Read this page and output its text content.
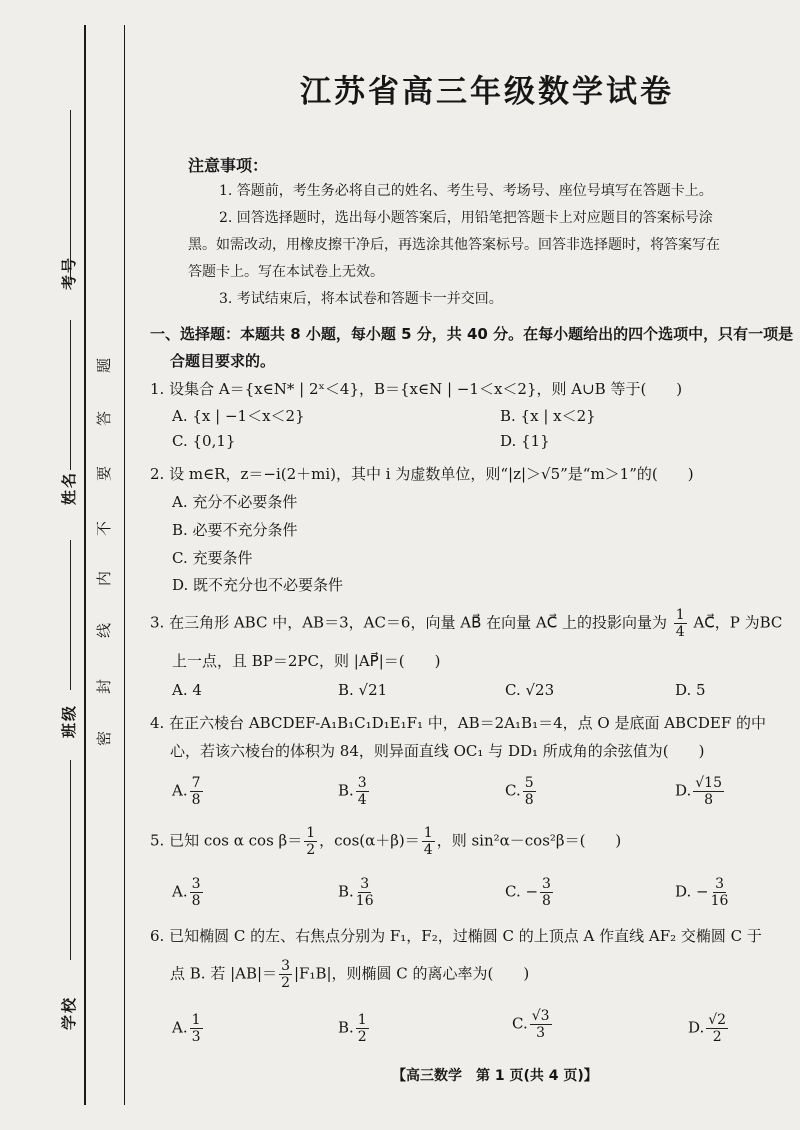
考号
姓名
班级
学校
题
答
要
不
内
线
封
密
江苏省高三年级数学试卷
注意事项：
1. 答题前，考生务必将自己的姓名、考生号、考场号、座位号填写在答题卡上。
2. 回答选择题时，选出每小题答案后，用铅笔把答题卡上对应题目的答案标号涂
黑。如需改动，用橡皮擦干净后，再选涂其他答案标号。回答非选择题时，将答案写在
答题卡上。写在本试卷上无效。
3. 考试结束后，将本试卷和答题卡一并交回。
一、选择题：本题共 8 小题，每小题 5 分，共 40 分。在每小题给出的四个选项中，只有一项是
合题目要求的。
1. 设集合 A＝{x∈N* | 2ˣ＜4}，B＝{x∈N | −1＜x＜2}，则 A∪B 等于(　　)
A. {x | −1＜x＜2}	B. {x | x＜2}
C. {0,1}	D. {1}
2. 设 m∈R，z＝−i(2＋mi)，其中 i 为虚数单位，则“|z|＞√5”是“m＞1”的(　　)
A. 充分不必要条件
B. 必要不充分条件
C. 充要条件
D. 既不充分也不必要条件
3. 在三角形 ABC 中，AB＝3，AC＝6，向量 AB⃗ 在向量 AC⃗ 上的投影向量为 $\frac{1}{4}$ AC⃗，P 为BC
上一点，且 BP＝2PC，则 |AP⃗|＝(　　)
A. 4	B. √21	C. √23	D. 5
4. 在正六棱台 ABCDEF-A₁B₁C₁D₁E₁F₁ 中，AB＝2A₁B₁＝4，点 O 是底面 ABCDEF 的中
心，若该六棱台的体积为 84，则异面直线 OC₁ 与 DD₁ 所成角的余弦值为(　　)
A. $\frac{7}{8}$	B. $\frac{3}{4}$	C. $\frac{5}{8}$	D. $\frac{√15}{8}$
5. 已知 cos α $\cos \beta= \frac{1}{2}$ ，$\cos(\alpha+\beta)= \frac{1}{4}$ ，则 sin²α－cos²β＝(　　)
A. $\frac{3}{8}$	B. $\frac{3}{16}$	C. − $\frac{3}{8}$	D. − $\frac{3}{16}$
6. 已知椭圆 C 的左、右焦点分别为 F₁，F₂，过椭圆 C 的上顶点 A 作直线 AF₂ 交椭圆 C 于
点 B. 若 $|AB|= \frac{3}{2} |F_1B|$，则椭圆 C 的离心率为(　　)
A. $\frac{1}{3}$	B. $\frac{1}{2}$	C. $\frac{√3}{3}$	D. $\frac{√2}{2}$
【高三数学　第 1 页(共 4 页)】
